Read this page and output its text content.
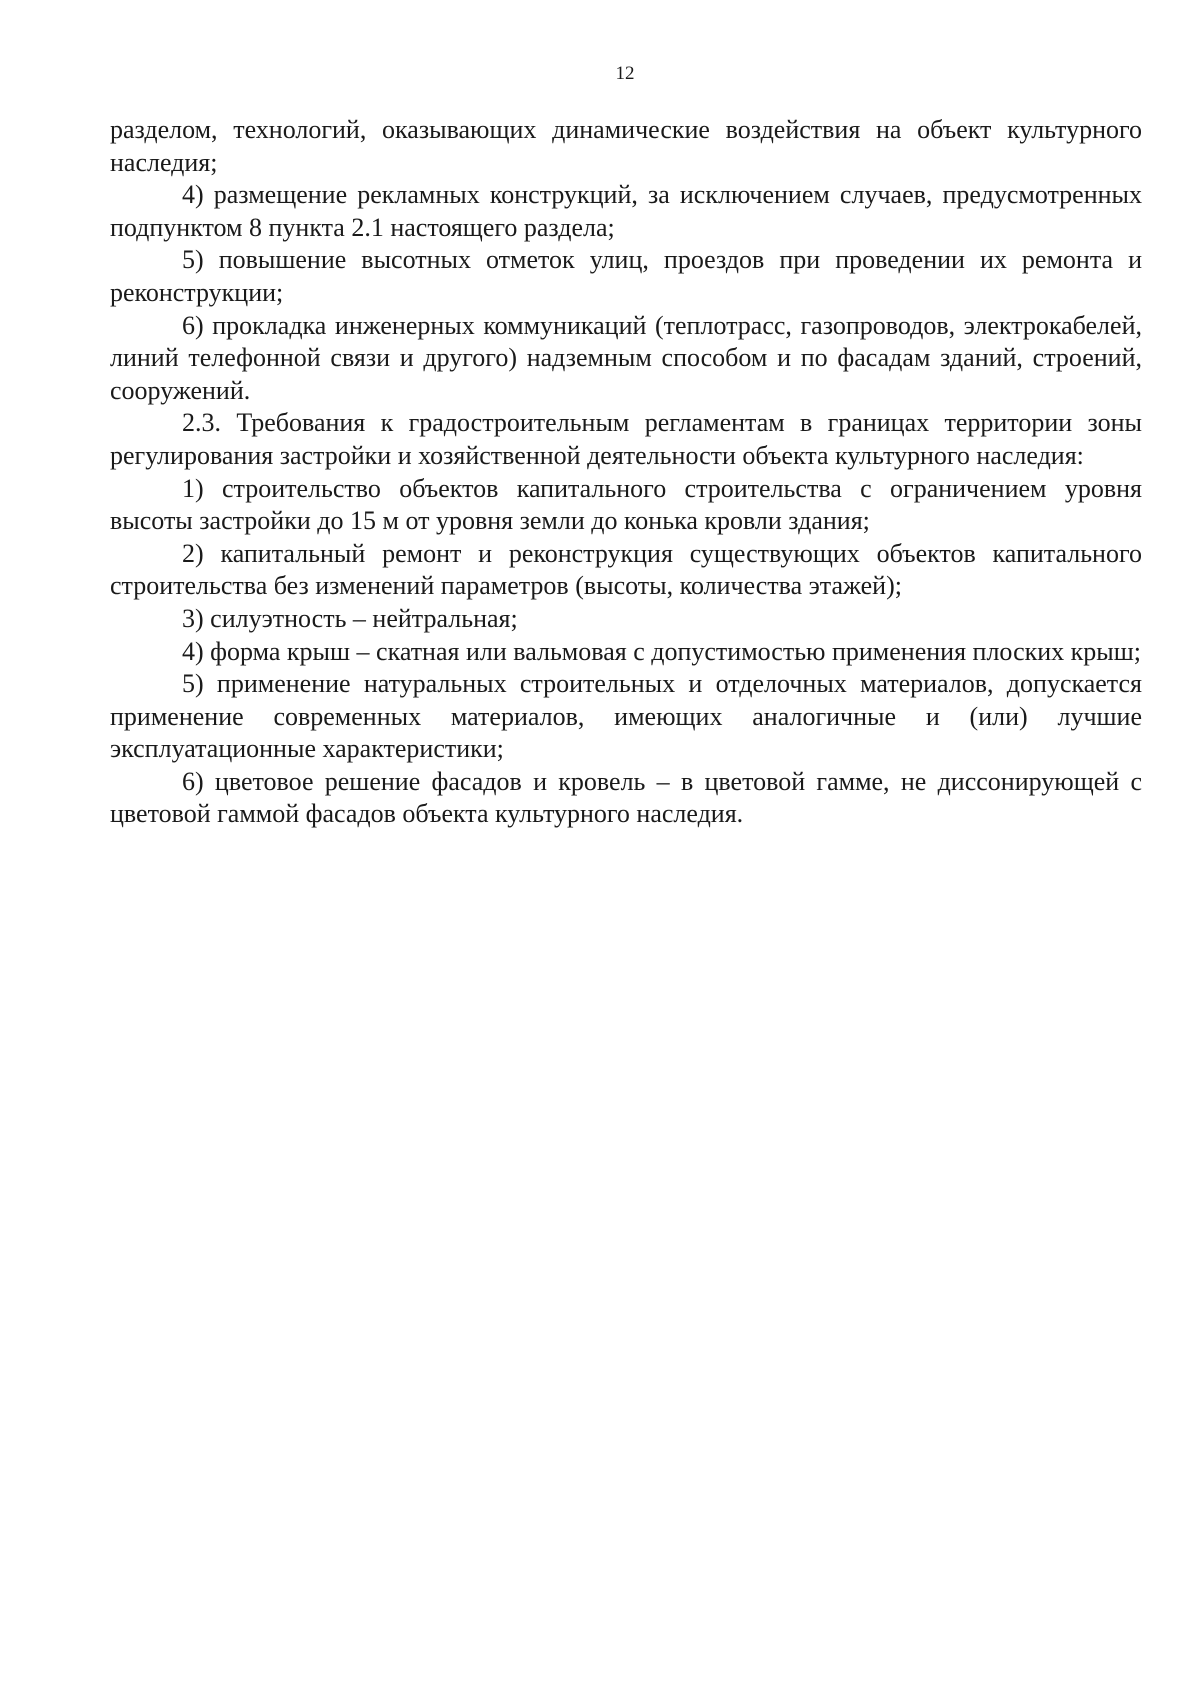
12

разделом, технологий, оказывающих динамические воздействия на объект культурного наследия;

4) размещение рекламных конструкций, за исключением случаев, предусмотренных подпунктом 8 пункта 2.1 настоящего раздела;

5) повышение высотных отметок улиц, проездов при проведении их ремонта и реконструкции;

6) прокладка инженерных коммуникаций (теплотрасс, газопроводов, электрокабелей, линий телефонной связи и другого) надземным способом и по фасадам зданий, строений, сооружений.

2.3. Требования к градостроительным регламентам в границах территории зоны регулирования застройки и хозяйственной деятельности объекта культурного наследия:

1) строительство объектов капитального строительства с ограничением уровня высоты застройки до 15 м от уровня земли до конька кровли здания;

2) капитальный ремонт и реконструкция существующих объектов капитального строительства без изменений параметров (высоты, количества этажей);

3) силуэтность – нейтральная;

4) форма крыш – скатная или вальмовая с допустимостью применения плоских крыш;

5) применение натуральных строительных и отделочных материалов, допускается применение современных материалов, имеющих аналогичные и (или) лучшие эксплуатационные характеристики;

6) цветовое решение фасадов и кровель – в цветовой гамме, не диссонирующей с цветовой гаммой фасадов объекта культурного наследия.
